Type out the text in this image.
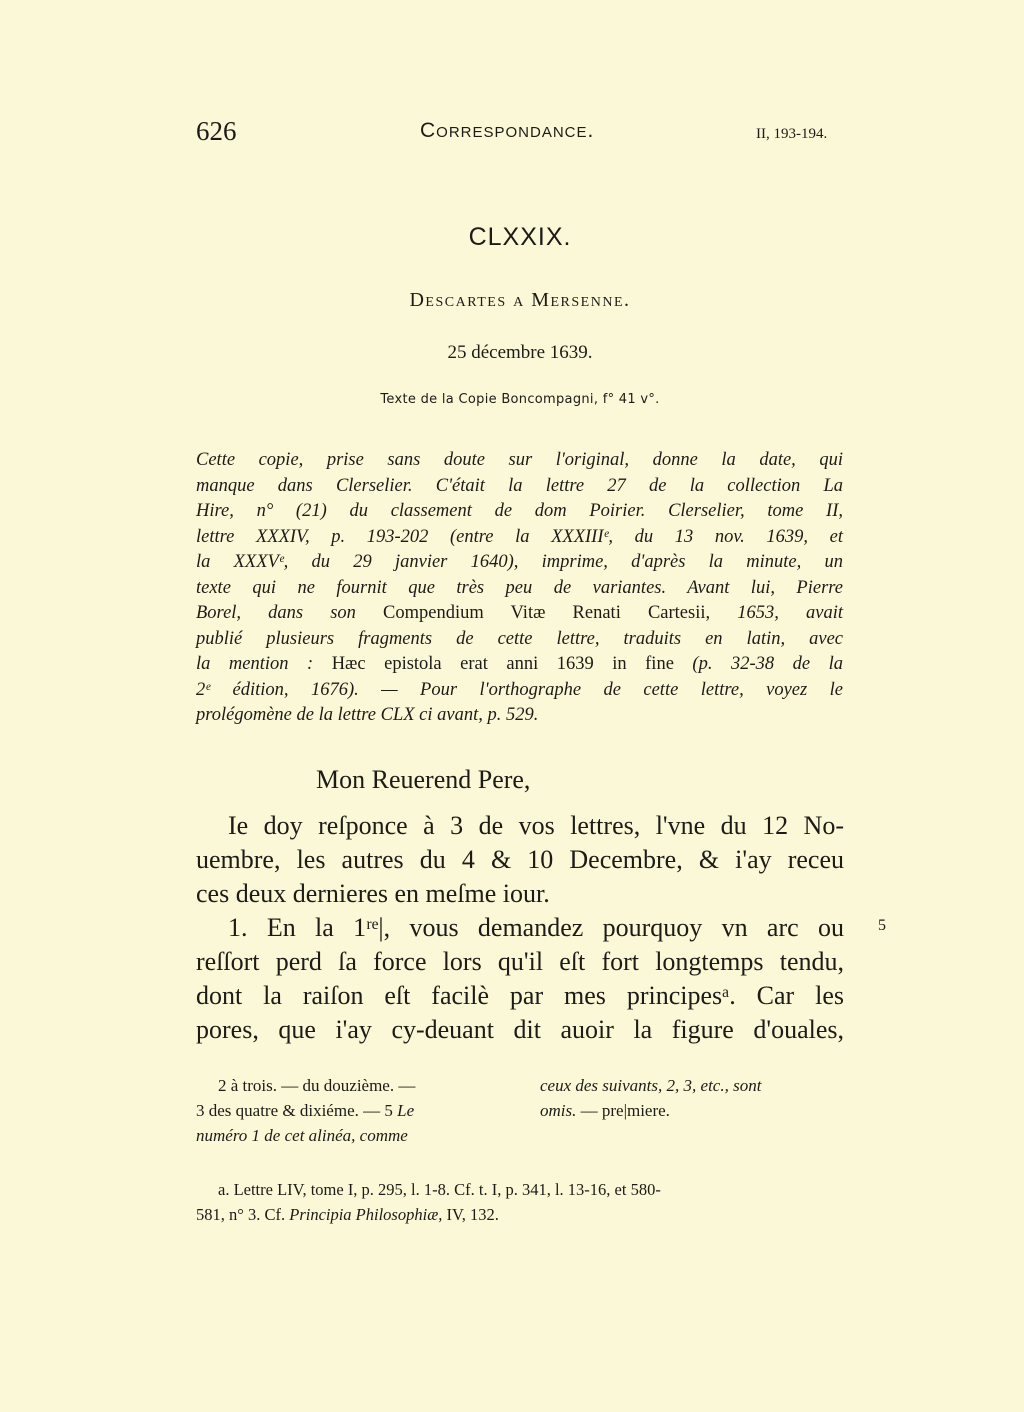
626	Correspondance.	II, 193-194.
CLXXIX.
Descartes a Mersenne.
25 décembre 1639.
Texte de la Copie Boncompagni, f° 41 v°.
Cette copie, prise sans doute sur l'original, donne la date, qui
manque dans Clerselier. C'était la lettre 27 de la collection La
Hire, n° (21) du classement de dom Poirier. Clerselier, tome II,
lettre XXXIV, p. 193-202 (entre la XXXIIIᵉ, du 13 nov. 1639, et
la XXXVᵉ, du 29 janvier 1640), imprime, d'après la minute, un
texte qui ne fournit que très peu de variantes. Avant lui, Pierre
Borel, dans son Compendium Vitæ Renati Cartesii, 1653, avait
publié plusieurs fragments de cette lettre, traduits en latin, avec
la mention : Hæc epistola erat anni 1639 in fine (p. 32-38 de la
2ᵉ édition, 1676). — Pour l'orthographe de cette lettre, voyez le
prolégomène de la lettre CLX ci avant, p. 529.
Mon Reuerend Pere,
Ie doy reſponce à 3 de vos lettres, l'vne du 12 No-
uembre, les autres du 4 & 10 Decembre, & i'ay receu
ces deux dernieres en meſme iour.
1. En la 1ʳᵉ|, vous demandez pourquoy vn arc ou
reſſort perd ſa force lors qu'il eſt fort longtemps tendu,
dont la raiſon eſt facilè par mes principesᵃ. Car les
pores, que i'ay cy-deuant dit auoir la figure d'ouales,
5
2 à trois. — du douzième. —
3 des quatre & dixiéme. — 5 Le
numéro 1 de cet alinéa, comme
ceux des suivants, 2, 3, etc., sont
omis. — pre|miere.
a. Lettre LIV, tome I, p. 295, l. 1-8. Cf. t. I, p. 341, l. 13-16, et 580-
581, n° 3. Cf. Principia Philosophiæ, IV, 132.
